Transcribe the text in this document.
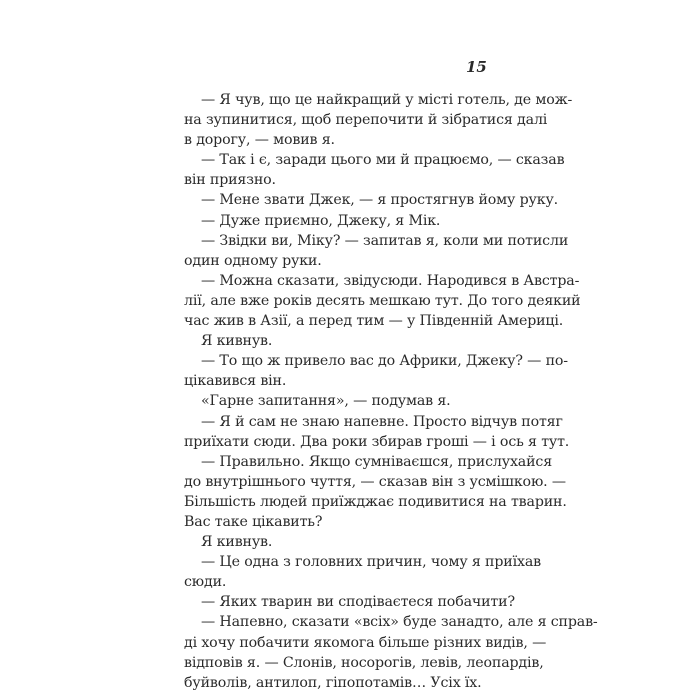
15
— Я чув, що це найкращий у місті готель, де мож-
на зупинитися, щоб перепочити й зібратися далі
в дорогу, — мовив я.
— Так і є, заради цього ми й працюємо, — сказав
він приязно.
— Мене звати Джек, — я простягнув йому руку.
— Дуже приємно, Джеку, я Мік.
— Звідки ви, Міку? — запитав я, коли ми потисли
один одному руки.
— Можна сказати, звідусюди. Народився в Австра-
лії, але вже років десять мешкаю тут. До того деякий
час жив в Азії, а перед тим — у Південній Америці.
Я кивнув.
— То що ж привело вас до Африки, Джеку? — по-
цікавився він.
«Гарне запитання», — подумав я.
— Я й сам не знаю напевне. Просто відчув потяг
приїхати сюди. Два роки збирав гроші — і ось я тут.
— Правильно. Якщо сумніваєшся, прислухайся
до внутрішнього чуття, — сказав він з усмішкою. —
Більшість людей приїжджає подивитися на тварин.
Вас таке цікавить?
Я кивнув.
— Це одна з головних причин, чому я приїхав
сюди.
— Яких тварин ви сподіваєтеся побачити?
— Напевно, сказати «всіх» буде занадто, але я справ-
ді хочу побачити якомога більше різних видів, —
відповів я. — Слонів, носорогів, левів, леопардів,
буйволів, антилоп, гіпопотамів… Усіх їх.
